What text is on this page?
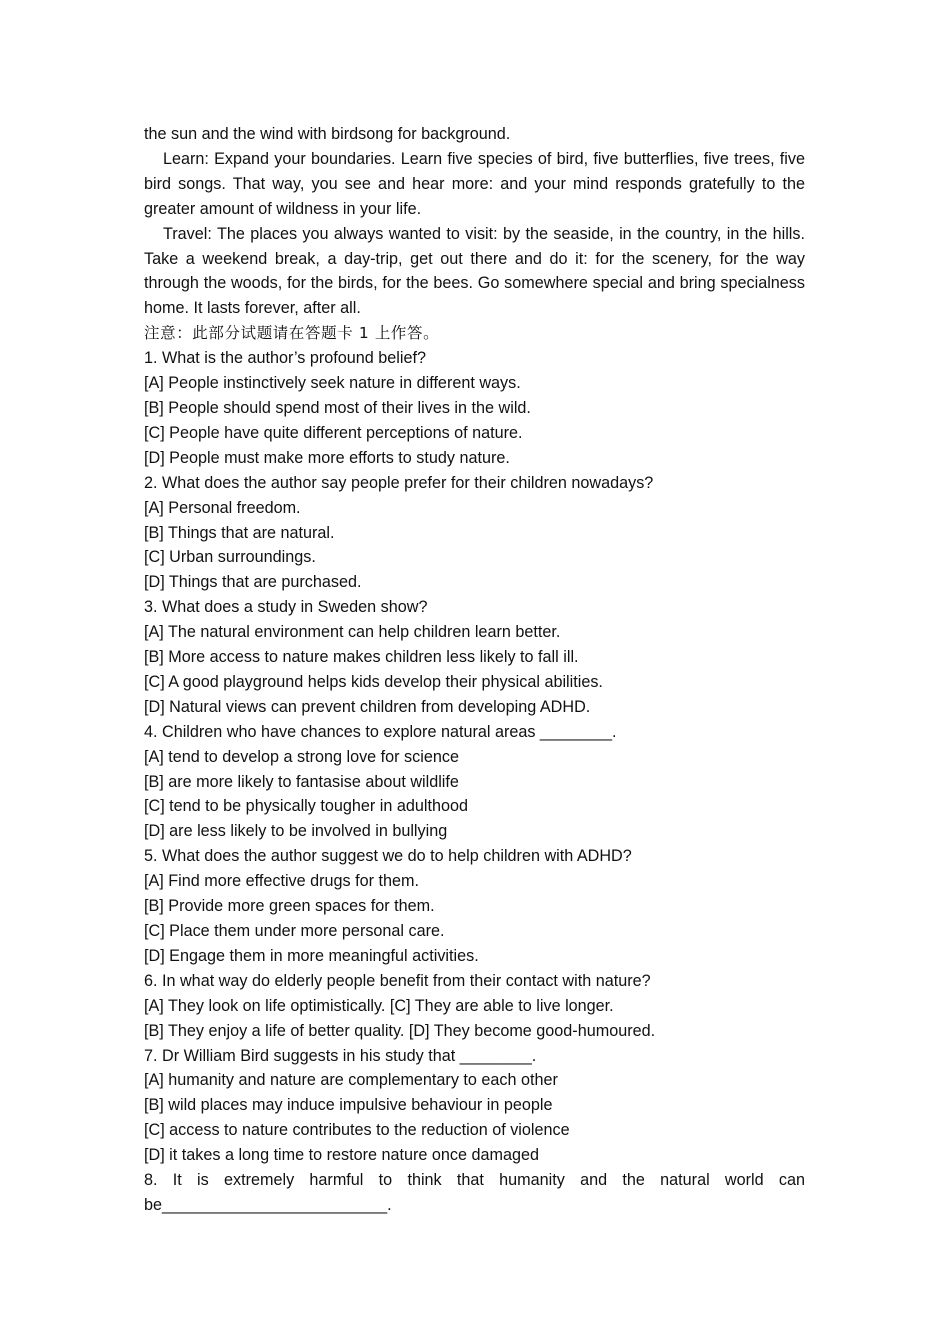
the sun and the wind with birdsong for background.

Learn: Expand your boundaries. Learn five species of bird, five butterflies, five trees, five bird songs. That way, you see and hear more: and your mind responds gratefully to the greater amount of wildness in your life.

Travel: The places you always wanted to visit: by the seaside, in the country, in the hills. Take a weekend break, a day-trip, get out there and do it: for the scenery, for the way through the woods, for the birds, for the bees. Go somewhere special and bring specialness home. It lasts forever, after all.

注意：此部分试题请在答题卡 1 上作答。

1. What is the author’s profound belief?

[A] People instinctively seek nature in different ways.

[B] People should spend most of their lives in the wild.

[C] People have quite different perceptions of nature.

[D] People must make more efforts to study nature.

2. What does the author say people prefer for their children nowadays?

[A] Personal freedom.

[B] Things that are natural.

[C] Urban surroundings.

[D] Things that are purchased.

3. What does a study in Sweden show?

[A] The natural environment can help children learn better.

[B] More access to nature makes children less likely to fall ill.

[C] A good playground helps kids develop their physical abilities.

[D] Natural views can prevent children from developing ADHD.

4. Children who have chances to explore natural areas ________.

[A] tend to develop a strong love for science

[B] are more likely to fantasise about wildlife

[C] tend to be physically tougher in adulthood

[D] are less likely to be involved in bullying

5. What does the author suggest we do to help children with ADHD?

[A] Find more effective drugs for them.

[B] Provide more green spaces for them.

[C] Place them under more personal care.

[D] Engage them in more meaningful activities.

6. In what way do elderly people benefit from their contact with nature?

[A] They look on life optimistically. [C] They are able to live longer.

[B] They enjoy a life of better quality. [D] They become good-humoured.

7. Dr William Bird suggests in his study that ________.

[A] humanity and nature are complementary to each other

[B] wild places may induce impulsive behaviour in people

[C] access to nature contributes to the reduction of violence

[D] it takes a long time to restore nature once damaged

8. It is extremely harmful to think that humanity and the natural world can be_________________________.
